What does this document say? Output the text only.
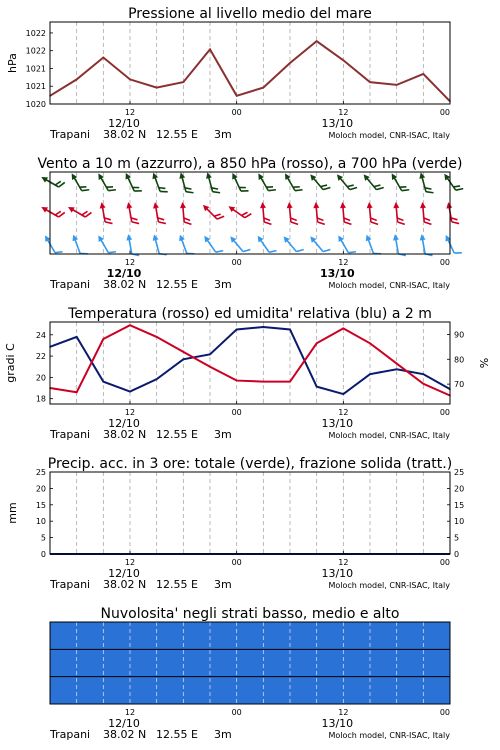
Pressione al livello medio del mare
12	00	12	00
12/10	13/10
Trapani 38.02 N 12.55 E 3m	Moloch model, CNR-ISAC, Italy
1020
1021
1021
1022
1022
hPa
Vento a 10 m (azzurro), a 850 hPa (rosso), a 700 hPa (verde)
12	00	12	00
12/10	13/10
Trapani 38.02 N 12.55 E 3m	Moloch model, CNR-ISAC, Italy
Temperatura (rosso) ed umidita' relativa (blu) a 2 m
12	00	12	00
12/10	13/10
Trapani 38.02 N 12.55 E 3m	Moloch model, CNR-ISAC, Italy
18
20
22
24
70
80
90
gradi C	%
Precip. acc. in 3 ore: totale (verde), frazione solida (tratt.)
12	00	12	00
12/10	13/10
Trapani 38.02 N 12.55 E 3m	Moloch model, CNR-ISAC, Italy
0
5
10
15
20
25
0
5
10
15
20
25
mm
Nuvolosita' negli strati basso, medio e alto
12	00	12	00
12/10	13/10
Trapani 38.02 N 12.55 E 3m	Moloch model, CNR-ISAC, Italy
